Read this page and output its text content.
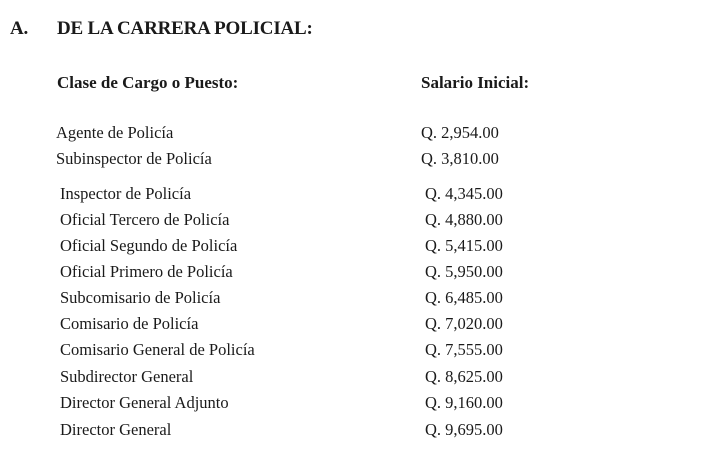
A. DE LA CARRERA POLICIAL:
Clase de Cargo o Puesto:	Salario Inicial:
Agente de Policía	Q. 2,954.00
Subinspector de Policía	Q. 3,810.00
Inspector de Policía	Q. 4,345.00
Oficial Tercero de Policía	Q. 4,880.00
Oficial Segundo de Policía	Q. 5,415.00
Oficial Primero de Policía	Q. 5,950.00
Subcomisario de Policía	Q. 6,485.00
Comisario de Policía	Q. 7,020.00
Comisario General de Policía	Q. 7,555.00
Subdirector General	Q. 8,625.00
Director General Adjunto	Q. 9,160.00
Director General	Q. 9,695.00
